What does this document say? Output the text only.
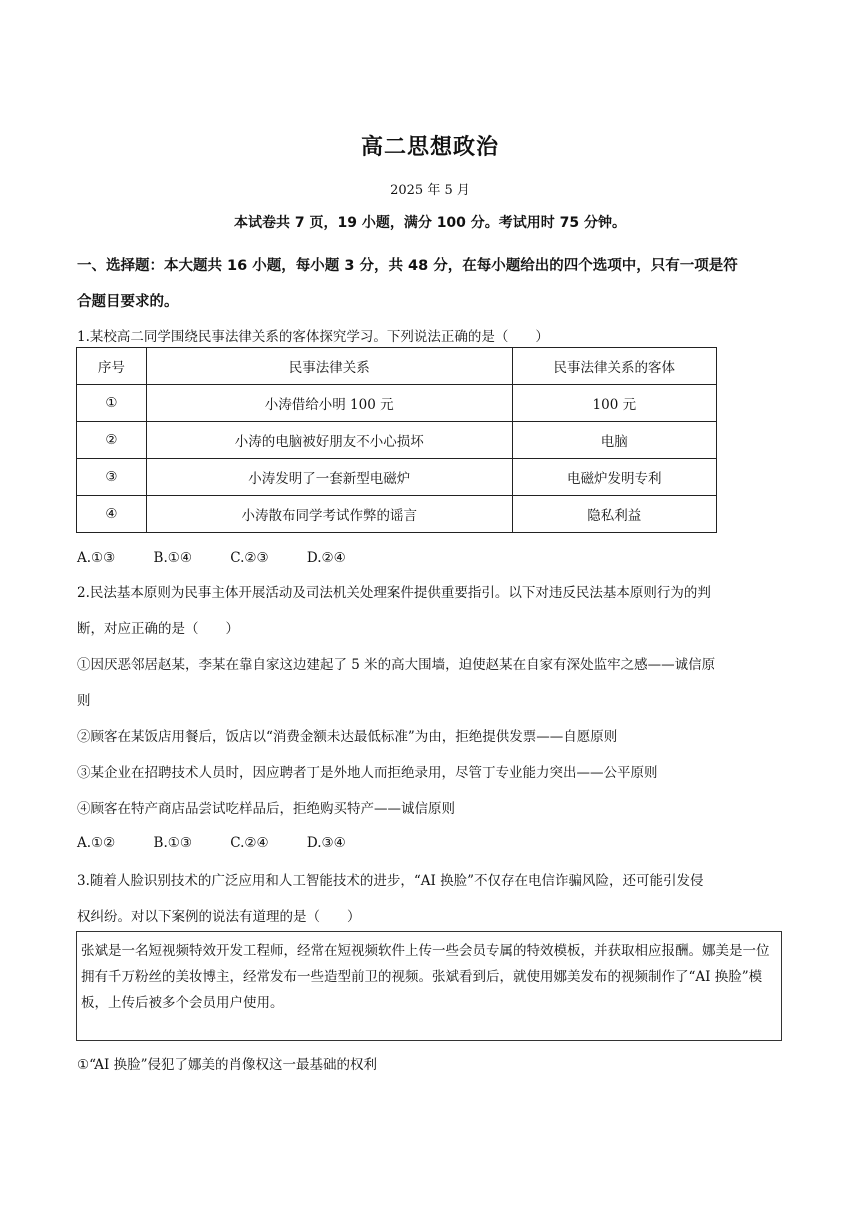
高二思想政治
2025 年 5 月
本试卷共 7 页，19 小题，满分 100 分。考试用时 75 分钟。
一、选择题：本大题共 16 小题，每小题 3 分，共 48 分，在每小题给出的四个选项中，只有一项是符
合题目要求的。
1.某校高二同学围绕民事法律关系的客体探究学习。下列说法正确的是（　　）
序号	民事法律关系	民事法律关系的客体
①	小涛借给小明 100 元	100 元
②	小涛的电脑被好朋友不小心损坏	电脑
③	小涛发明了一套新型电磁炉	电磁炉发明专利
④	小涛散布同学考试作弊的谣言	隐私利益
A.①③	B.①④	C.②③	D.②④
2.民法基本原则为民事主体开展活动及司法机关处理案件提供重要指引。以下对违反民法基本原则行为的判
断，对应正确的是（　　）
①因厌恶邻居赵某，李某在靠自家这边建起了 5 米的高大围墙，迫使赵某在自家有深处监牢之感——诚信原
则
②顾客在某饭店用餐后，饭店以“消费金额未达最低标准”为由，拒绝提供发票——自愿原则
③某企业在招聘技术人员时，因应聘者丁是外地人而拒绝录用，尽管丁专业能力突出——公平原则
④顾客在特产商店品尝试吃样品后，拒绝购买特产——诚信原则
A.①②	B.①③	C.②④	D.③④
3.随着人脸识别技术的广泛应用和人工智能技术的进步，“AI 换脸”不仅存在电信诈骗风险，还可能引发侵
权纠纷。对以下案例的说法有道理的是（　　）
张斌是一名短视频特效开发工程师，经常在短视频软件上传一些会员专属的特效模板，并获取相应报酬。娜美是一位拥有千万粉丝的美妆博主，经常发布一些造型前卫的视频。张斌看到后，就使用娜美发布的视频制作了“AI 换脸”模板，上传后被多个会员用户使用。
①“AI 换脸”侵犯了娜美的肖像权这一最基础的权利
